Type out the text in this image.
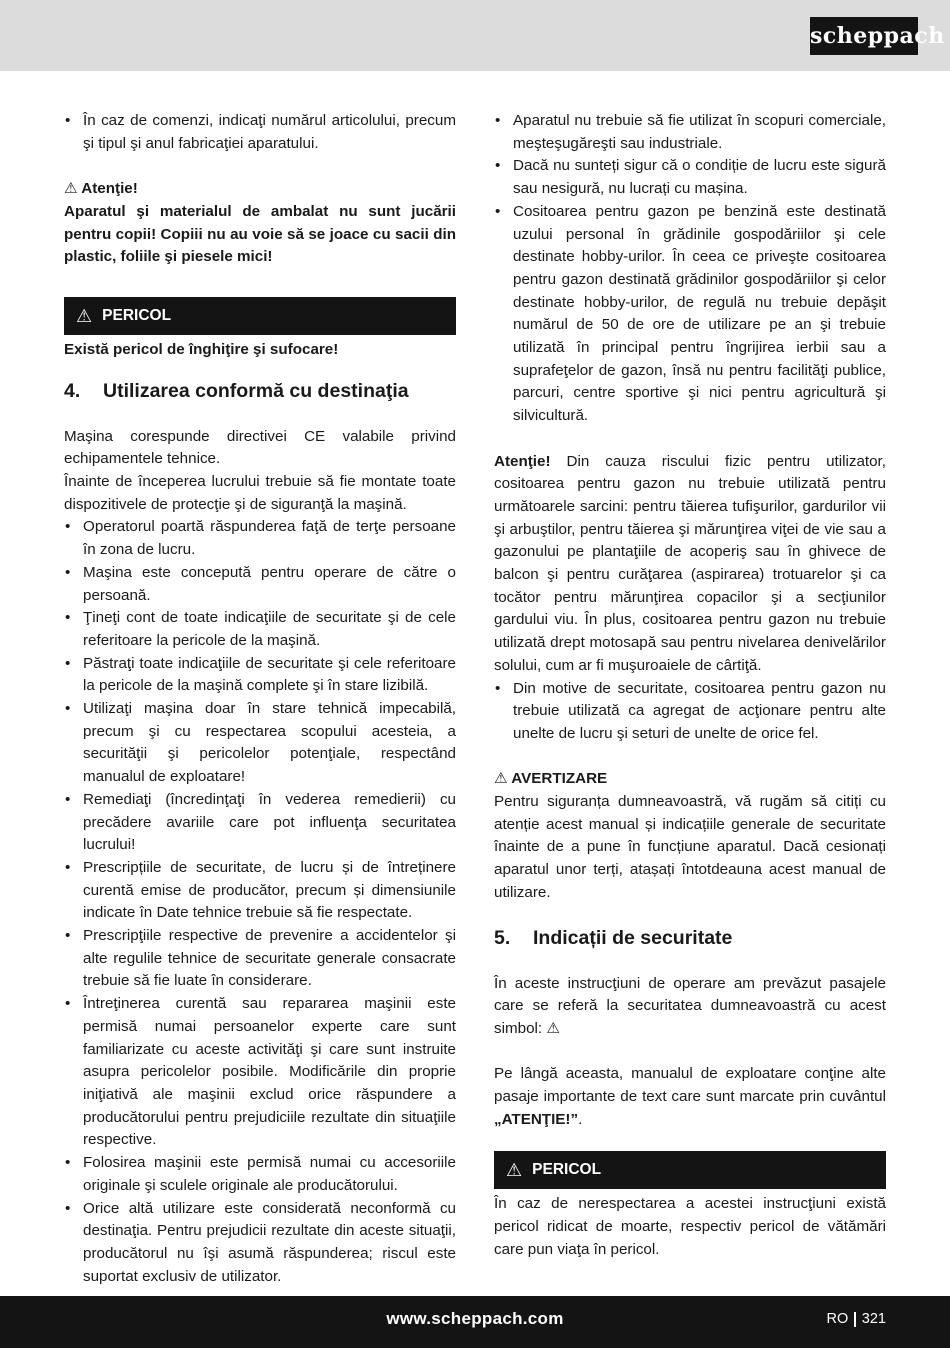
scheppach
• În caz de comenzi, indicaţi numărul articolului, precum şi tipul şi anul fabricaţiei aparatului.
⚠ Atenţie!
Aparatul şi materialul de ambalat nu sunt jucării pentru copii! Copiii nu au voie să se joace cu sacii din plastic, foliile şi piesele mici!
⚠ PERICOL
Există pericol de înghiţire şi sufocare!
4.	Utilizarea conformă cu destinaţia
Maşina corespunde directivei CE valabile privind echipamentele tehnice.
Înainte de începerea lucrului trebuie să fie montate toate dispozitivele de protecţie şi de siguranţă la maşină.
• Operatorul poartă răspunderea faţă de terţe persoane în zona de lucru.
• Maşina este concepută pentru operare de către o persoană.
• Ţineţi cont de toate indicaţiile de securitate şi de cele referitoare la pericole de la maşină.
• Păstraţi toate indicaţiile de securitate şi cele referitoare la pericole de la maşină complete şi în stare lizibilă.
• Utilizaţi maşina doar în stare tehnică impecabilă, precum şi cu respectarea scopului acesteia, a securităţii şi pericolelor potenţiale, respectând manualul de exploatare!
• Remediaţi (încredinţaţi în vederea remedierii) cu precădere avariile care pot influenţa securitatea lucrului!
• Prescripțiile de securitate, de lucru și de întreținere curentă emise de producător, precum și dimensiunile indicate în Date tehnice trebuie să fie respectate.
• Prescripţiile respective de prevenire a accidentelor şi alte regulile tehnice de securitate generale consacrate trebuie să fie luate în considerare.
• Întreţinerea curentă sau repararea maşinii este permisă numai persoanelor experte care sunt familiarizate cu aceste activităţi şi care sunt instruite asupra pericolelor posibile. Modificările din proprie iniţiativă ale maşinii exclud orice răspundere a producătorului pentru prejudiciile rezultate din situaţiile respective.
• Folosirea maşinii este permisă numai cu accesoriile originale şi sculele originale ale producătorului.
• Orice altă utilizare este considerată neconformă cu destinaţia. Pentru prejudicii rezultate din aceste situaţii, producătorul nu îşi asumă răspunderea; riscul este suportat exclusiv de utilizator.
• Aparatul nu trebuie să fie utilizat în scopuri comerciale, meşteşugăreşti sau industriale.
• Dacă nu sunteți sigur că o condiție de lucru este sigură sau nesigură, nu lucrați cu mașina.
• Cositoarea pentru gazon pe benzină este destinată uzului personal în grădinile gospodăriilor şi cele destinate hobby-urilor. În ceea ce priveşte cositoarea pentru gazon destinată grădinilor gospodăriilor şi celor destinate hobby-urilor, de regulă nu trebuie depăşit numărul de 50 de ore de utilizare pe an şi trebuie utilizată în principal pentru îngrijirea ierbii sau a suprafeţelor de gazon, însă nu pentru facilităţi publice, parcuri, centre sportive şi nici pentru agricultură şi silvicultură.
Atenţie! Din cauza riscului fizic pentru utilizator, cositoarea pentru gazon nu trebuie utilizată pentru următoarele sarcini: pentru tăierea tufişurilor, gardurilor vii şi arbuştilor, pentru tăierea şi mărunţirea viţei de vie sau a gazonului pe plantaţiile de acoperiş sau în ghivece de balcon şi pentru curăţarea (aspirarea) trotuarelor şi ca tocător pentru mărunţirea copacilor şi a secţiunilor gardului viu. În plus, cositoarea pentru gazon nu trebuie utilizată drept motosapă sau pentru nivelarea denivelărilor solului, cum ar fi muşuroaiele de cârtiţă.
• Din motive de securitate, cositoarea pentru gazon nu trebuie utilizată ca agregat de acţionare pentru alte unelte de lucru şi seturi de unelte de orice fel.
⚠ AVERTIZARE
Pentru siguranța dumneavoastră, vă rugăm să citiți cu atenție acest manual și indicațiile generale de securitate înainte de a pune în funcțiune aparatul. Dacă cesionați aparatul unor terți, atașați întotdeauna acest manual de utilizare.
5.	Indicații de securitate
În aceste instrucţiuni de operare am prevăzut pasajele care se referă la securitatea dumneavoastră cu acest simbol: ⚠
Pe lângă aceasta, manualul de exploatare conţine alte pasaje importante de text care sunt marcate prin cuvântul „ATENŢIE!”.
⚠ PERICOL
În caz de nerespectarea a acestei instrucţiuni există pericol ridicat de moarte, respectiv pericol de vătămări care pun viaţa în pericol.
www.scheppach.com	RO 321
